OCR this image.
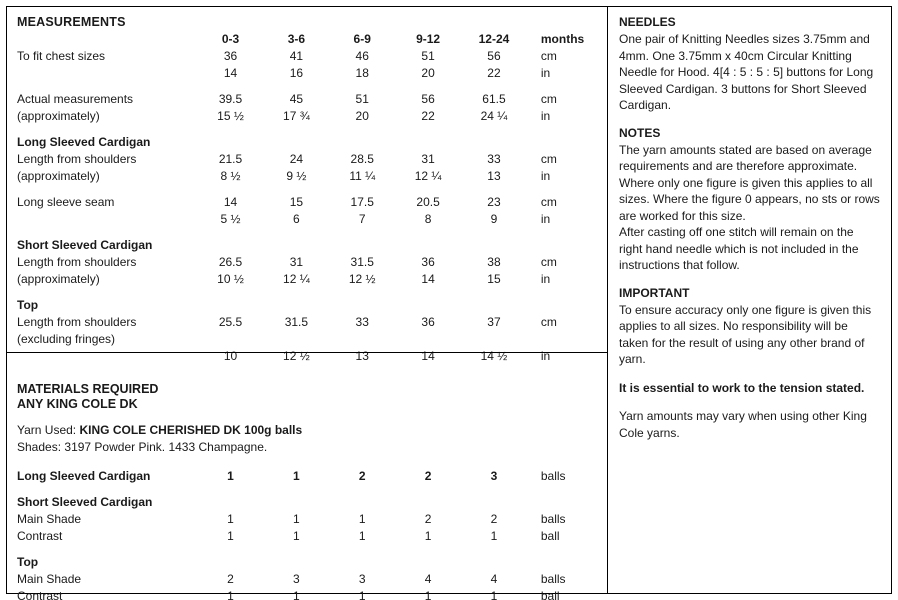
MEASUREMENTS
	0-3	3-6	6-9	9-12	12-24	months
To fit chest sizes	36	41	46	51	56	cm
	14	16	18	20	22	in

Actual measurements	39.5	45	51	56	61.5	cm
(approximately)	15 ½	17 ¾	20	22	24 ¼	in

Long Sleeved Cardigan						
Length from shoulders	21.5	24	28.5	31	33	cm
(approximately)	8 ½	9 ½	11 ¼	12 ¼	13	in

Long sleeve seam	14	15	17.5	20.5	23	cm
	5 ½	6	7	8	9	in

Short Sleeved Cardigan						
Length from shoulders	26.5	31	31.5	36	38	cm
(approximately)	10 ½	12 ¼	12 ½	14	15	in

Top						
Length from shoulders	25.5	31.5	33	36	37	cm
(excluding fringes)						
	10	12 ½	13	14	14 ½	in
MATERIALS REQUIRED
ANY KING COLE DK
Yarn Used: KING COLE CHERISHED DK 100g balls
Shades: 3197 Powder Pink. 1433 Champagne.
Long Sleeved Cardigan	1	1	2	2	3	balls

Short Sleeved Cardigan						
Main Shade	1	1	1	2	2	balls
Contrast	1	1	1	1	1	ball

Top						
Main Shade	2	3	3	4	4	balls
Contrast	1	1	1	1	1	ball
NEEDLES

One pair of Knitting Needles sizes 3.75mm and 4mm. One 3.75mm x 40cm Circular Knitting Needle for Hood. 4[4 : 5 : 5 : 5] buttons for Long Sleeved Cardigan. 3 buttons for Short Sleeved Cardigan.

NOTES

The yarn amounts stated are based on average requirements and are therefore approximate.

Where only one figure is given this applies to all sizes. Where the figure 0 appears, no sts or rows are worked for this size.

After casting off one stitch will remain on the right hand needle which is not included in the instructions that follow.

IMPORTANT

To ensure accuracy only one figure is given this applies to all sizes. No responsibility will be taken for the result of using any other brand of yarn.

It is essential to work to the tension stated.

Yarn amounts may vary when using other King Cole yarns.
